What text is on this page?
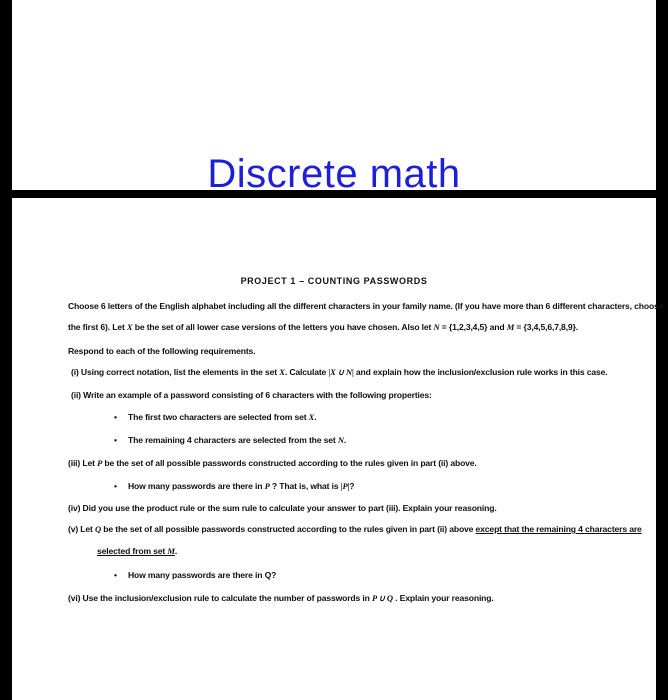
Discrete math
PROJECT 1 – COUNTING PASSWORDS
Choose 6 letters of the English alphabet including all the different characters in your family name. (If you have more than 6 different characters, choose
the first 6). Let X be the set of all lower case versions of the letters you have chosen. Also let N = {1,2,3,4,5} and M = {3,4,5,6,7,8,9}.
Respond to each of the following requirements.
(i) Using correct notation, list the elements in the set X. Calculate |X ∪ N| and explain how the inclusion/exclusion rule works in this case.
(ii) Write an example of a password consisting of 6 characters with the following properties:
• The first two characters are selected from set X.
• The remaining 4 characters are selected from the set N.
(iii) Let P be the set of all possible passwords constructed according to the rules given in part (ii) above.
• How many passwords are there in P ? That is, what is |P|?
(iv) Did you use the product rule or the sum rule to calculate your answer to part (iii). Explain your reasoning.
(v) Let Q be the set of all possible passwords constructed according to the rules given in part (ii) above except that the remaining 4 characters are
selected from set M.
• How many passwords are there in Q?
(vi) Use the inclusion/exclusion rule to calculate the number of passwords in P ∪ Q . Explain your reasoning.
